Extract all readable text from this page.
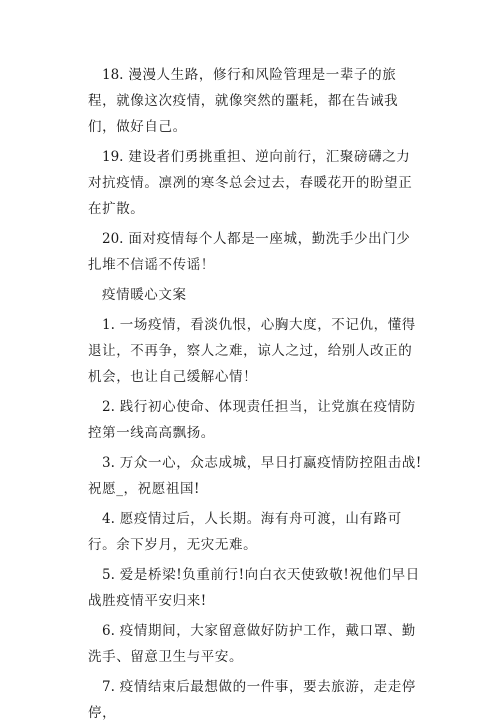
18. 漫漫人生路，修行和风险管理是一辈子的旅程，就像这次疫情，就像突然的噩耗，都在告诫我们，做好自己。

19. 建设者们勇挑重担、逆向前行，汇聚磅礴之力对抗疫情。凛冽的寒冬总会过去，春暖花开的盼望正在扩散。

20. 面对疫情每个人都是一座城，勤洗手少出门少扎堆不信谣不传谣！

疫情暖心文案

1. 一场疫情，看淡仇恨，心胸大度，不记仇，懂得退让，不再争，察人之难，谅人之过，给别人改正的机会，也让自己缓解心情！

2. 践行初心使命、体现责任担当，让党旗在疫情防控第一线高高飘扬。

3. 万众一心，众志成城，早日打赢疫情防控阻击战!祝愿_，祝愿祖国!

4. 愿疫情过后，人长期。海有舟可渡，山有路可行。余下岁月，无灾无难。

5. 爱是桥梁!负重前行!向白衣天使致敬!祝他们早日战胜疫情平安归来!

6. 疫情期间，大家留意做好防护工作，戴口罩、勤洗手、留意卫生与平安。

7. 疫情结束后最想做的一件事，要去旅游，走走停停，
